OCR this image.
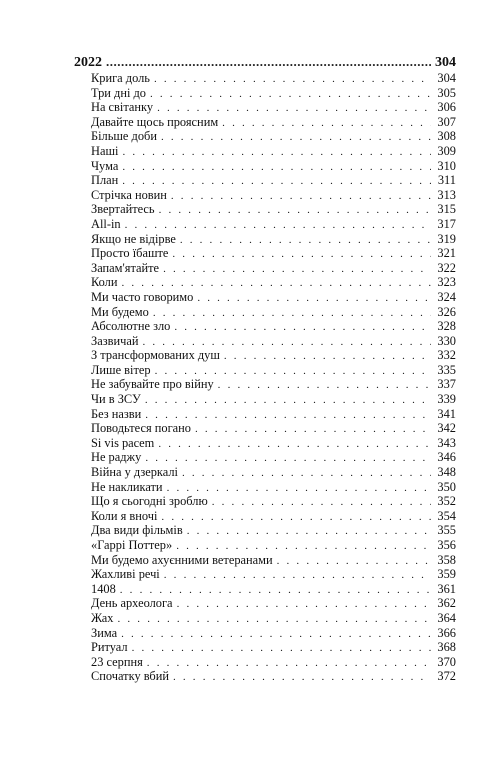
2022 .....	304
Крига доль . . .	304
Три дні до . . .	305
На світанку . . .	306
Давайте щось проясним . . .	307
Більше доби . . .	308
Наші . . .	309
Чума . . .	310
План . . .	311
Стрічка новин . . .	313
Звертайтесь . . .	315
All-in . . .	317
Якщо не відірве . . .	319
Просто їбаште . . .	321
Запам'ятайте . . .	322
Коли . . .	323
Ми часто говоримо . . .	324
Ми будемо . . .	326
Абсолютне зло . . .	328
Зазвичай . . .	330
З трансформованих душ . . .	332
Лише вітер . . .	335
Не забувайте про війну . . .	337
Чи в ЗСУ . . .	339
Без назви . . .	341
Поводьтеся погано . . .	342
Si vis pacem . . .	343
Не раджу . . .	346
Війна у дзеркалі . . .	348
Не накликати . . .	350
Що я сьогодні зроблю . . .	352
Коли я вночі . . .	354
Два види фільмів . . .	355
«Гаррі Поттер» . . .	356
Ми будемо ахуєнними ветеранами . . .	358
Жахливі речі . . .	359
1408 . . .	361
День археолога . . .	362
Жах . . .	364
Зима . . .	366
Ритуал . . .	368
23 серпня . . .	370
Спочатку вбий . . .	372
